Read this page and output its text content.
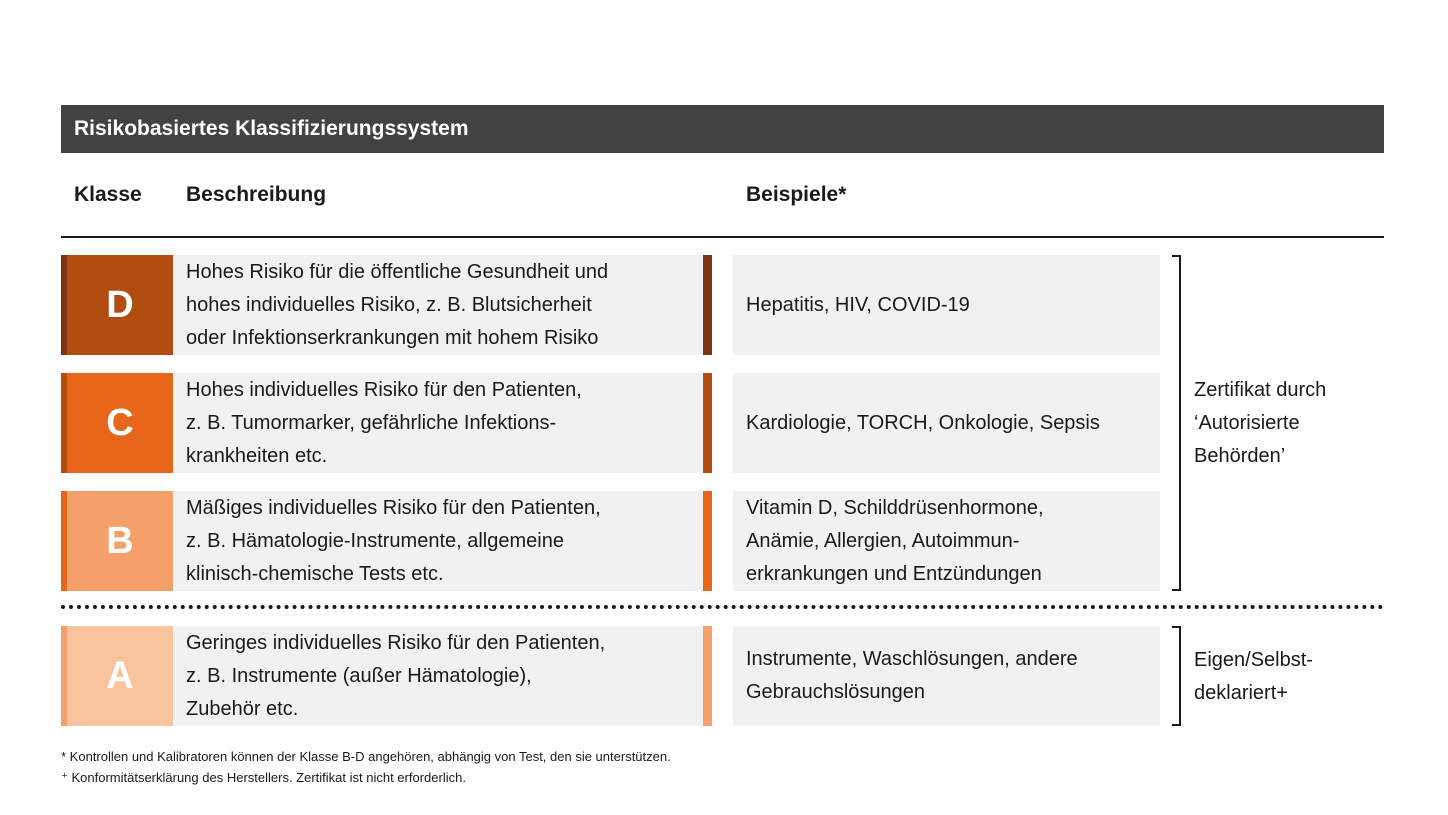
Risikobasiertes Klassifizierungssystem
Klasse Beschreibung	Beispiele*
D
Hohes Risiko für die öffentliche Gesundheit und
hohes individuelles Risiko, z. B. Blutsicherheit
oder Infektionserkrankungen mit hohem Risiko
Hepatitis, HIV, COVID-19
C
Hohes individuelles Risiko für den Patienten,
z. B. Tumormarker, gefährliche Infektions-
krankheiten etc.
Kardiologie, TORCH, Onkologie, Sepsis
B
Mäßiges individuelles Risiko für den Patienten,
z. B. Hämatologie-Instrumente, allgemeine
klinisch-chemische Tests etc.
Vitamin D, Schilddrüsenhormone,
Anämie, Allergien, Autoimmun-
erkrankungen und Entzündungen
A
Geringes individuelles Risiko für den Patienten,
z. B. Instrumente (außer Hämatologie),
Zubehör etc.
Instrumente, Waschlösungen, andere
Gebrauchslösungen
Zertifikat durch
‘Autorisierte
Behörden’
Eigen/Selbst-
deklariert+
* Kontrollen und Kalibratoren können der Klasse B-D angehören, abhängig von Test, den sie unterstützen.
⁺ Konformitätserklärung des Herstellers. Zertifikat ist nicht erforderlich.
